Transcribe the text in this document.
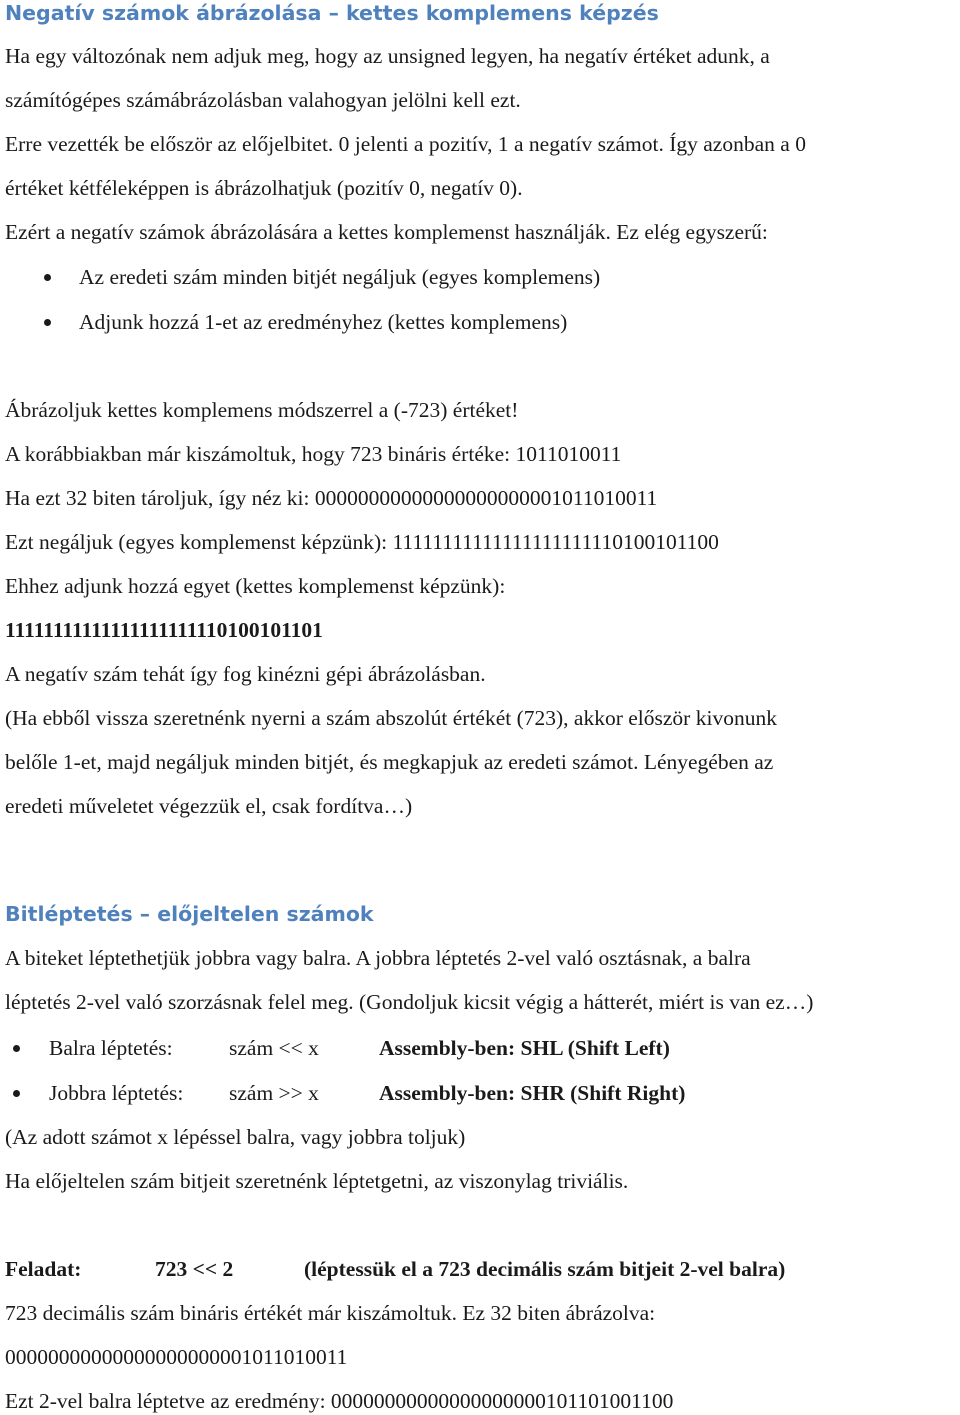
Negatív számok ábrázolása – kettes komplemens képzés
Ha egy változónak nem adjuk meg, hogy az unsigned legyen, ha negatív értéket adunk, a
számítógépes számábrázolásban valahogyan jelölni kell ezt.
Erre vezették be először az előjelbitet. 0 jelenti a pozitív, 1 a negatív számot. Így azonban a 0
értéket kétféleképpen is ábrázolhatjuk (pozitív 0, negatív 0).
Ezért a negatív számok ábrázolására a kettes komplemenst használják. Ez elég egyszerű:
Az eredeti szám minden bitjét negáljuk (egyes komplemens)
Adjunk hozzá 1-et az eredményhez (kettes komplemens)
Ábrázoljuk kettes komplemens módszerrel a (-723) értéket!
A korábbiakban már kiszámoltuk, hogy 723 bináris értéke: 1011010011
Ha ezt 32 biten tároljuk, így néz ki: 00000000000000000000001011010011
Ezt negáljuk (egyes komplemenst képzünk): 11111111111111111111110100101100
Ehhez adjunk hozzá egyet (kettes komplemenst képzünk):
11111111111111111111110100101101
A negatív szám tehát így fog kinézni gépi ábrázolásban.
(Ha ebből vissza szeretnénk nyerni a szám abszolút értékét (723), akkor először kivonunk
belőle 1-et, majd negáljuk minden bitjét, és megkapjuk az eredeti számot. Lényegében az
eredeti műveletet végezzük el, csak fordítva…)
Bitléptetés – előjeltelen számok
A biteket léptethetjük jobbra vagy balra. A jobbra léptetés 2-vel való osztásnak, a balra
léptetés 2-vel való szorzásnak felel meg. (Gondoljuk kicsit végig a hátterét, miért is van ez…)
Balra léptetés:	szám << x	Assembly-ben: SHL (Shift Left)
Jobbra léptetés: szám >> x	Assembly-ben: SHR (Shift Right)
(Az adott számot x lépéssel balra, vagy jobbra toljuk)
Ha előjeltelen szám bitjeit szeretnénk léptetgetni, az viszonylag triviális.
Feladat:	723 << 2	(léptessük el a 723 decimális szám bitjeit 2-vel balra)
723 decimális szám bináris értékét már kiszámoltuk. Ez 32 biten ábrázolva:
00000000000000000000001011010011
Ezt 2-vel balra léptetve az eredmény: 00000000000000000000101101001100
